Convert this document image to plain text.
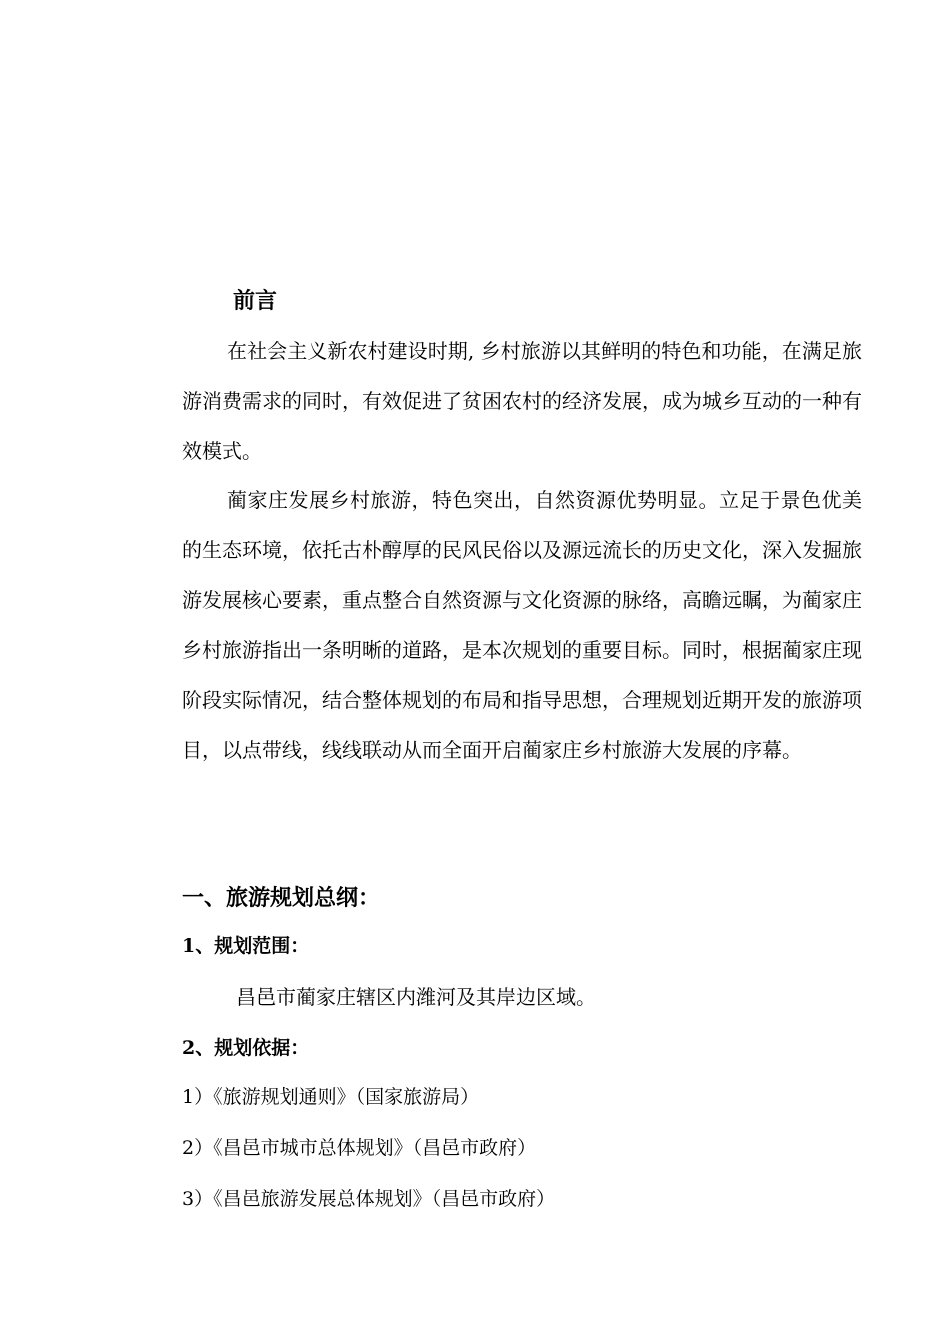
前言

在社会主义新农村建设时期, 乡村旅游以其鲜明的特色和功能，在满足旅游消费需求的同时，有效促进了贫困农村的经济发展，成为城乡互动的一种有效模式。

蔺家庄发展乡村旅游，特色突出，自然资源优势明显。立足于景色优美的生态环境，依托古朴醇厚的民风民俗以及源远流长的历史文化，深入发掘旅游发展核心要素，重点整合自然资源与文化资源的脉络，高瞻远瞩，为蔺家庄乡村旅游指出一条明晰的道路，是本次规划的重要目标。同时，根据蔺家庄现阶段实际情况，结合整体规划的布局和指导思想，合理规划近期开发的旅游项目，以点带线，线线联动从而全面开启蔺家庄乡村旅游大发展的序幕。

一、旅游规划总纲：
1、规划范围：

昌邑市蔺家庄辖区内潍河及其岸边区域。

2、规划依据：
1）《旅游规划通则》（国家旅游局）
2）《昌邑市城市总体规划》（昌邑市政府）
3）《昌邑旅游发展总体规划》（昌邑市政府）
